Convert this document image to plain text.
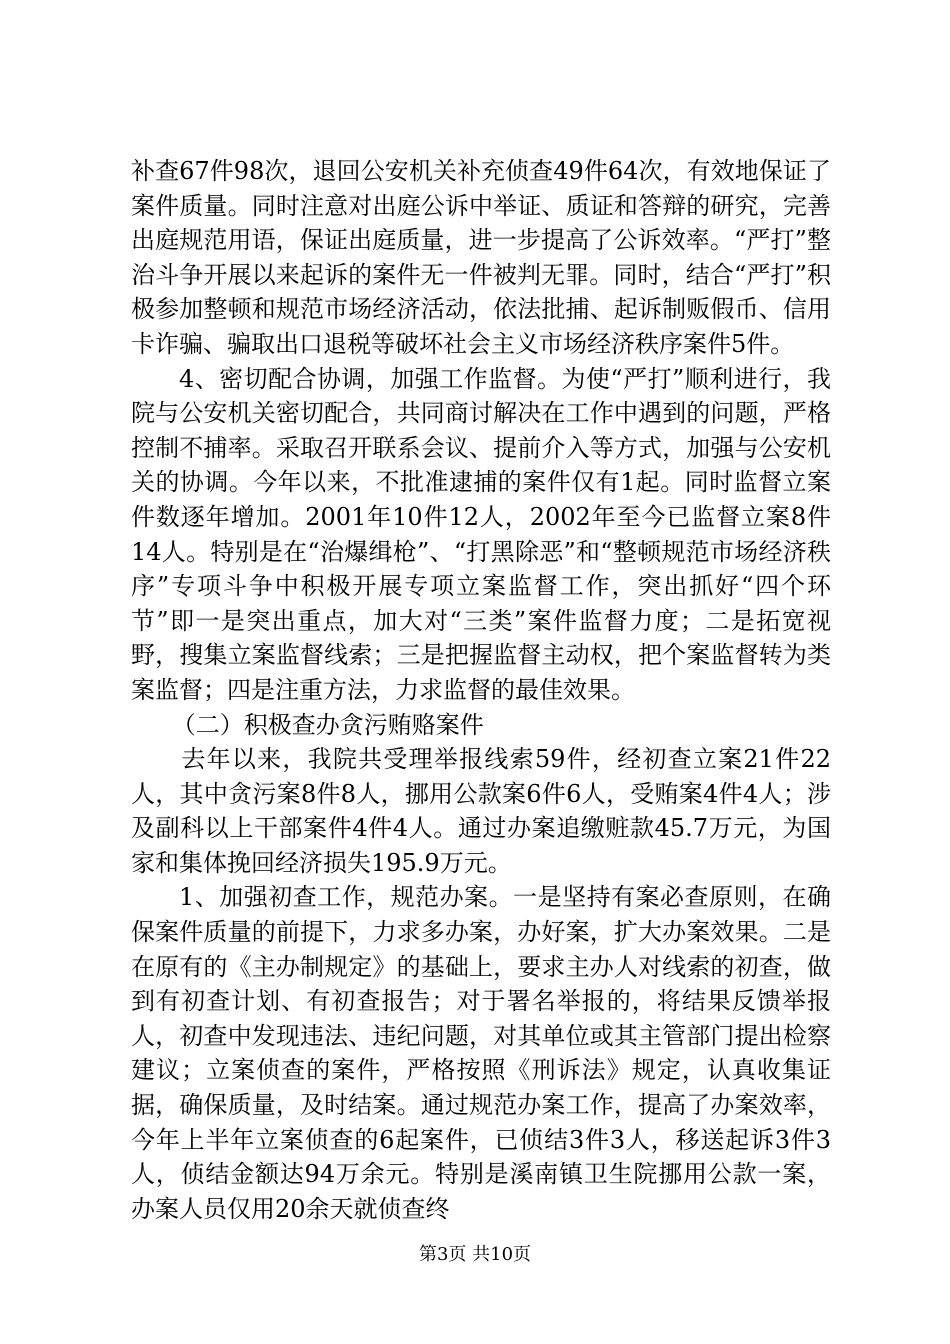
补查67件98次，退回公安机关补充侦查49件64次，有效地保证了案件质量。同时注意对出庭公诉中举证、质证和答辩的研究，完善出庭规范用语，保证出庭质量，进一步提高了公诉效率。“严打”整治斗争开展以来起诉的案件无一件被判无罪。同时，结合“严打”积极参加整顿和规范市场经济活动，依法批捕、起诉制贩假币、信用卡诈骗、骗取出口退税等破坏社会主义市场经济秩序案件5件。

4、密切配合协调，加强工作监督。为使“严打”顺利进行，我院与公安机关密切配合，共同商讨解决在工作中遇到的问题，严格控制不捕率。采取召开联系会议、提前介入等方式，加强与公安机关的协调。今年以来，不批准逮捕的案件仅有1起。同时监督立案件数逐年增加。2001年10件12人，2002年至今已监督立案8件14人。特别是在“治爆缉枪”、“打黑除恶”和“整顿规范市场经济秩序”专项斗争中积极开展专项立案监督工作，突出抓好“四个环节”即一是突出重点，加大对“三类”案件监督力度；二是拓宽视野，搜集立案监督线索；三是把握监督主动权，把个案监督转为类案监督；四是注重方法，力求监督的最佳效果。

（二）积极查办贪污贿赂案件

去年以来，我院共受理举报线索59件，经初查立案21件22人，其中贪污案8件8人，挪用公款案6件6人，受贿案4件4人；涉及副科以上干部案件4件4人。通过办案追缴赃款45.7万元，为国家和集体挽回经济损失195.9万元。

1、加强初查工作，规范办案。一是坚持有案必查原则，在确保案件质量的前提下，力求多办案，办好案，扩大办案效果。二是在原有的《主办制规定》的基础上，要求主办人对线索的初查，做到有初查计划、有初查报告；对于署名举报的，将结果反馈举报人，初查中发现违法、违纪问题，对其单位或其主管部门提出检察建议；立案侦查的案件，严格按照《刑诉法》规定，认真收集证据，确保质量，及时结案。通过规范办案工作，提高了办案效率，今年上半年立案侦查的6起案件，已侦结3件3人，移送起诉3件3人，侦结金额达94万余元。特别是溪南镇卫生院挪用公款一案，办案人员仅用20余天就侦查终

第3页 共10页
